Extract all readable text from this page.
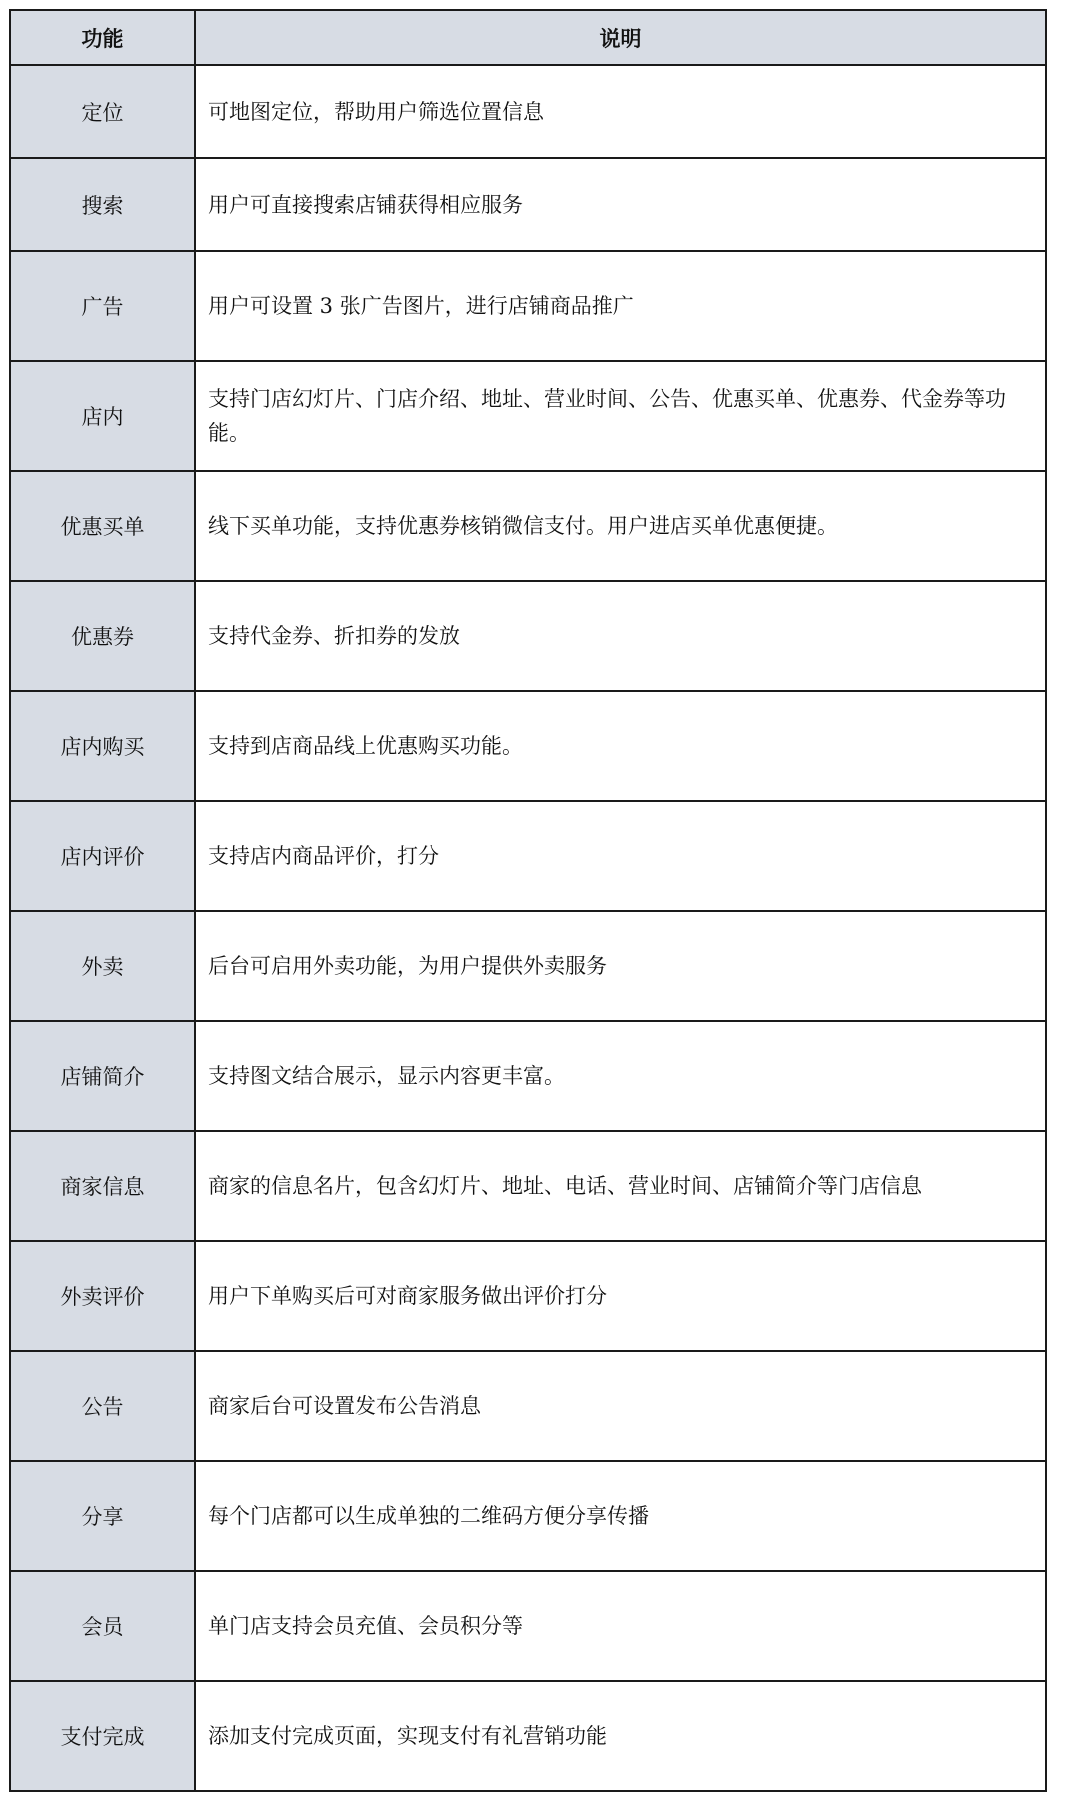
功能	说明
定位	可地图定位，帮助用户筛选位置信息
搜索	用户可直接搜索店铺获得相应服务
广告	用户可设置 3 张广告图片，进行店铺商品推广
店内	支持门店幻灯片、门店介绍、地址、营业时间、公告、优惠买单、优惠券、代金券等功能。
优惠买单	线下买单功能，支持优惠券核销微信支付。用户进店买单优惠便捷。
优惠券	支持代金券、折扣券的发放
店内购买	支持到店商品线上优惠购买功能。
店内评价	支持店内商品评价，打分
外卖	后台可启用外卖功能，为用户提供外卖服务
店铺简介	支持图文结合展示，显示内容更丰富。
商家信息	商家的信息名片，包含幻灯片、地址、电话、营业时间、店铺简介等门店信息
外卖评价	用户下单购买后可对商家服务做出评价打分
公告	商家后台可设置发布公告消息
分享	每个门店都可以生成单独的二维码方便分享传播
会员	单门店支持会员充值、会员积分等
支付完成	添加支付完成页面，实现支付有礼营销功能
